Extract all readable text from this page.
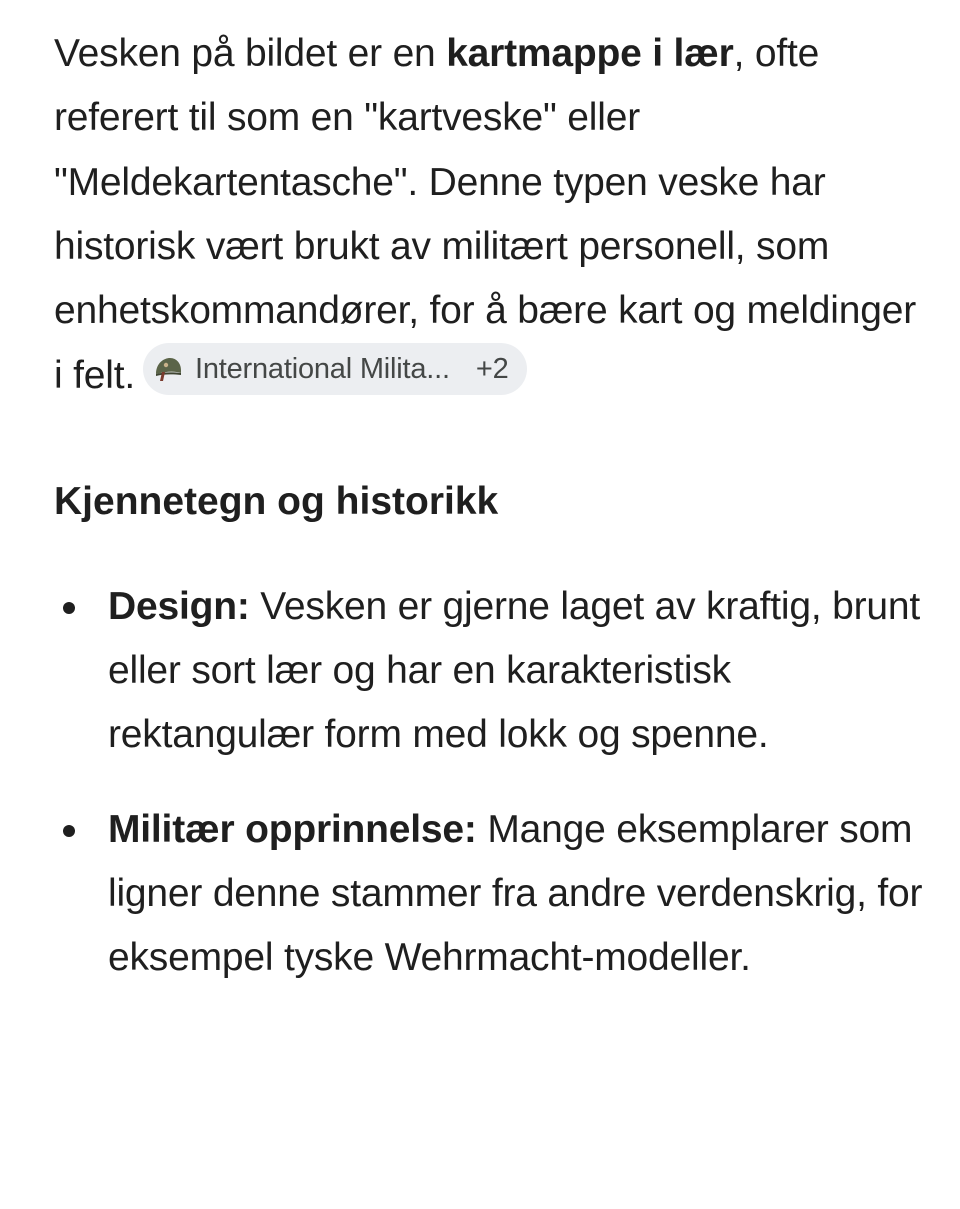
Vesken på bildet er en kartmappe i lær, ofte referert til som en "kartveske" eller "Meldekartentasche". Denne typen veske har historisk vært brukt av militært personell, som enhetskommandører, for å bære kart og meldinger i felt. International Milita... +2

Kjennetegn og historikk
Design: Vesken er gjerne laget av kraftig, brunt eller sort lær og har en karakteristisk rektangulær form med lokk og spenne.
Militær opprinnelse: Mange eksemplarer som ligner denne stammer fra andre verdenskrig, for eksempel tyske Wehrmacht-modeller.
